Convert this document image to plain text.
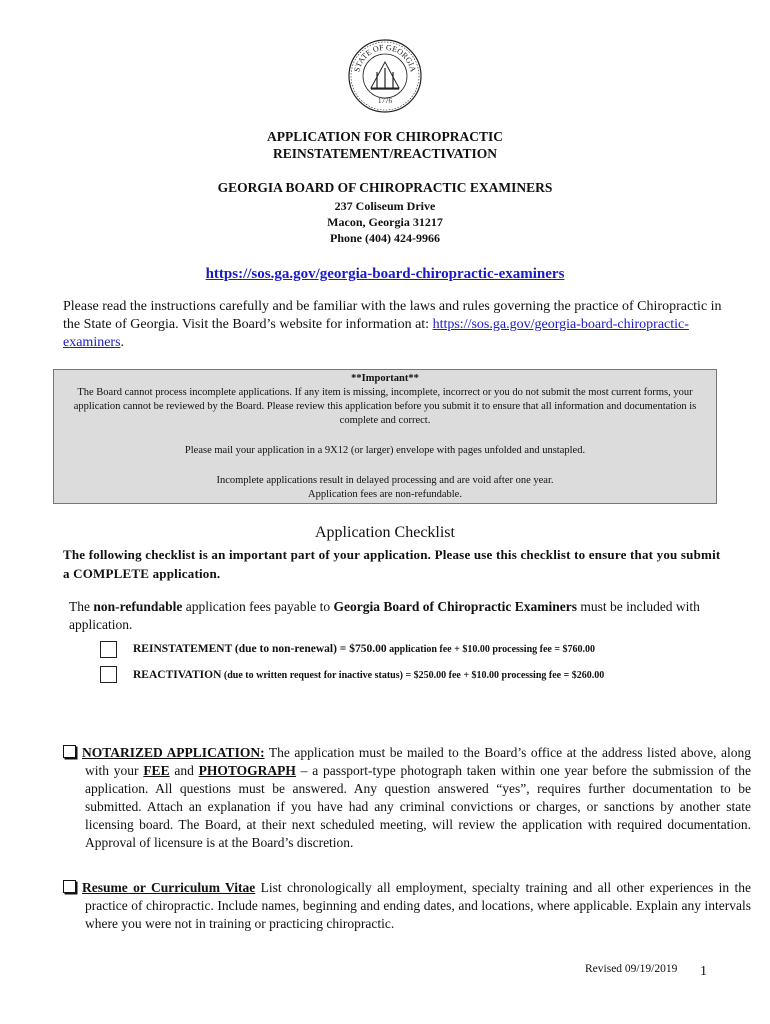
STATE OF GEORGIA
1776
APPLICATION FOR CHIROPRACTIC
REINSTATEMENT/REACTIVATION
GEORGIA BOARD OF CHIROPRACTIC EXAMINERS
237 Coliseum Drive
Macon, Georgia 31217
Phone (404) 424-9966
https://sos.ga.gov/georgia-board-chiropractic-examiners
Please read the instructions carefully and be familiar with the laws and rules governing the practice of Chiropractic in the State of Georgia. Visit the Board’s website for information at: https://sos.ga.gov/georgia-board-chiropractic-examiners.

**Important**

The Board cannot process incomplete applications. If any item is missing, incomplete, incorrect or you do not submit the most current forms, your application cannot be reviewed by the Board. Please review this application before you submit it to ensure that all information and documentation is complete and correct.

Please mail your application in a 9X12 (or larger) envelope with pages unfolded and unstapled.

Incomplete applications result in delayed processing and are void after one year.

Application fees are non-refundable.

Application Checklist
The following checklist is an important part of your application. Please use this checklist to ensure that you submit a COMPLETE application.
The non-refundable application fees payable to Georgia Board of Chiropractic Examiners must be included with application.
REINSTATEMENT (due to non-renewal) = $750.00 application fee + $10.00 processing fee = $760.00
REACTIVATION (due to written request for inactive status) = $250.00 fee + $10.00 processing fee = $260.00
NOTARIZED APPLICATION: The application must be mailed to the Board’s office at the address listed above, along with your FEE and PHOTOGRAPH – a passport-type photograph taken within one year before the submission of the application. All questions must be answered. Any question answered “yes”, requires further documentation to be submitted. Attach an explanation if you have had any criminal convictions or charges, or sanctions by another state licensing board. The Board, at their next scheduled meeting, will review the application with required documentation. Approval of licensure is at the Board’s discretion.
Resume or Curriculum Vitae List chronologically all employment, specialty training and all other experiences in the practice of chiropractic. Include names, beginning and ending dates, and locations, where applicable. Explain any intervals where you were not in training or practicing chiropractic.
Revised 09/19/2019 1
